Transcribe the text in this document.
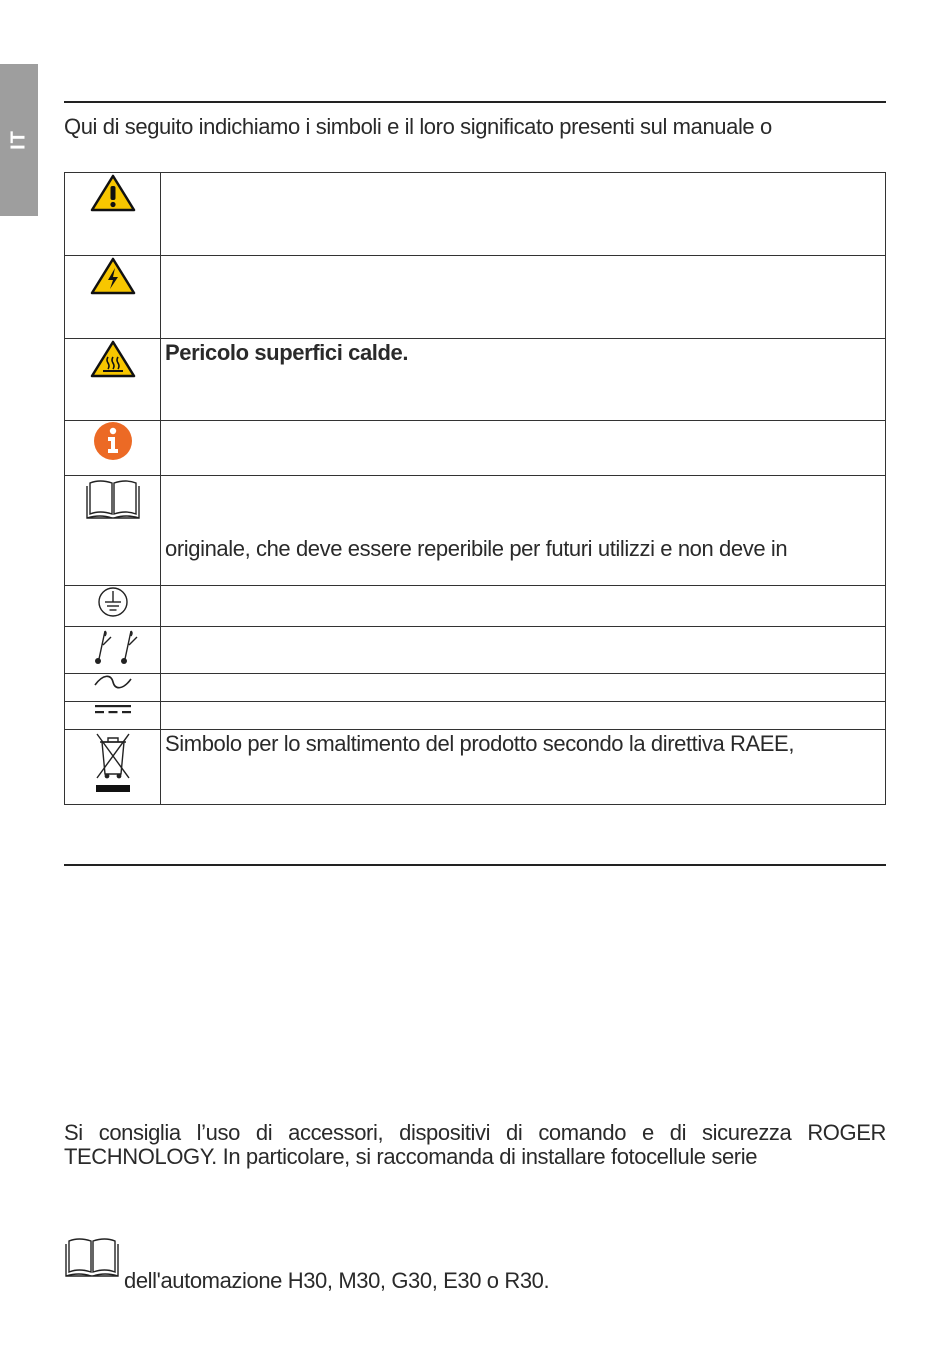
IT

Qui di seguito indichiamo i simboli e il loro significato presenti sul manuale o

	Pericolo superfici calde.

	originale, che deve essere reperibile per futuri utilizzi e non deve in

	Simbolo per lo smaltimento del prodotto secondo la direttiva RAEE,

Si consiglia l’uso di accessori, dispositivi di comando e di sicurezza ROGER
TECHNOLOGY. In particolare, si raccomanda di installare fotocellule serie

dell'automazione H30, M30, G30, E30 o R30.
